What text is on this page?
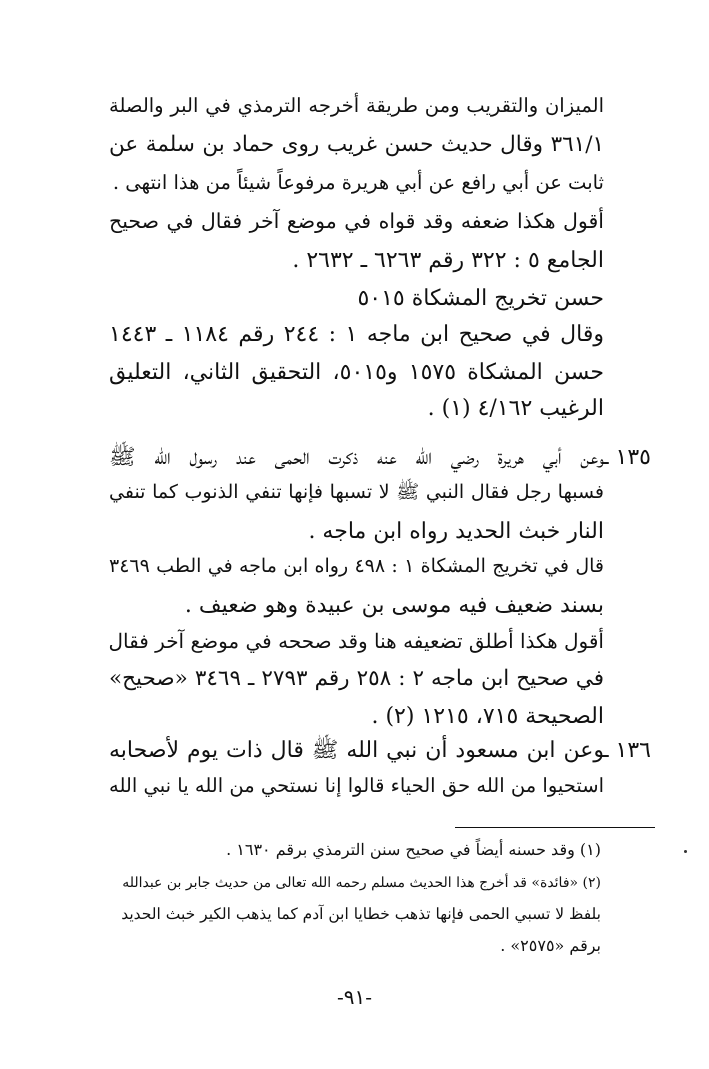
الميزان والتقريب ومن طريقة أخرجه الترمذي في البر والصلة
٣٦١/١ وقال حديث حسن غريب روى حماد بن سلمة عن
ثابت عن أبي رافع عن أبي هريرة مرفوعاً شيئاً من هذا انتهى .
أقول هكذا ضعفه وقد قواه في موضع آخر فقال في صحيح
الجامع ٥ : ٣٢٢ رقم ٦٢٦٣ ـ ٢٦٣٢ .
حسن تخريج المشكاة ٥٠١٥
وقال في صحيح ابن ماجه ١ : ٢٤٤ رقم ١١٨٤ ـ ١٤٤٣
حسن المشكاة ١٥٧٥ و٥٠١٥، التحقيق الثاني، التعليق
الرغيب ٤/١٦٢ (١) .
١٣٥ ـ
وعن أبي هريرة رضي الله عنه ذكرت الحمى عند رسول الله ﷺ
فسبها رجل فقال النبي ﷺ لا تسبها فإنها تنفي الذنوب كما تنفي
النار خبث الحديد رواه ابن ماجه .
قال في تخريج المشكاة ١ : ٤٩٨ رواه ابن ماجه في الطب ٣٤٦٩
بسند ضعيف فيه موسى بن عبيدة وهو ضعيف .
أقول هكذا أطلق تضعيفه هنا وقد صححه في موضع آخر فقال
في صحيح ابن ماجه ٢ : ٢٥٨ رقم ٢٧٩٣ ـ ٣٤٦٩ «صحيح»
الصحيحة ٧١٥، ١٢١٥ (٢) .
١٣٦ ـ
وعن ابن مسعود أن نبي الله ﷺ قال ذات يوم لأصحابه
استحيوا من الله حق الحياء قالوا إنا نستحي من الله يا نبي الله
(١) وقد حسنه أيضاً في صحيح سنن الترمذي برقم ١٦٣٠ .
(٢) «فائدة» قد أخرج هذا الحديث مسلم رحمه الله تعالى من حديث جابر بن عبدالله
بلفظ لا تسبي الحمى فإنها تذهب خطايا ابن آدم كما يذهب الكير خبث الحديد
برقم «٢٥٧٥» .
-٩١-
